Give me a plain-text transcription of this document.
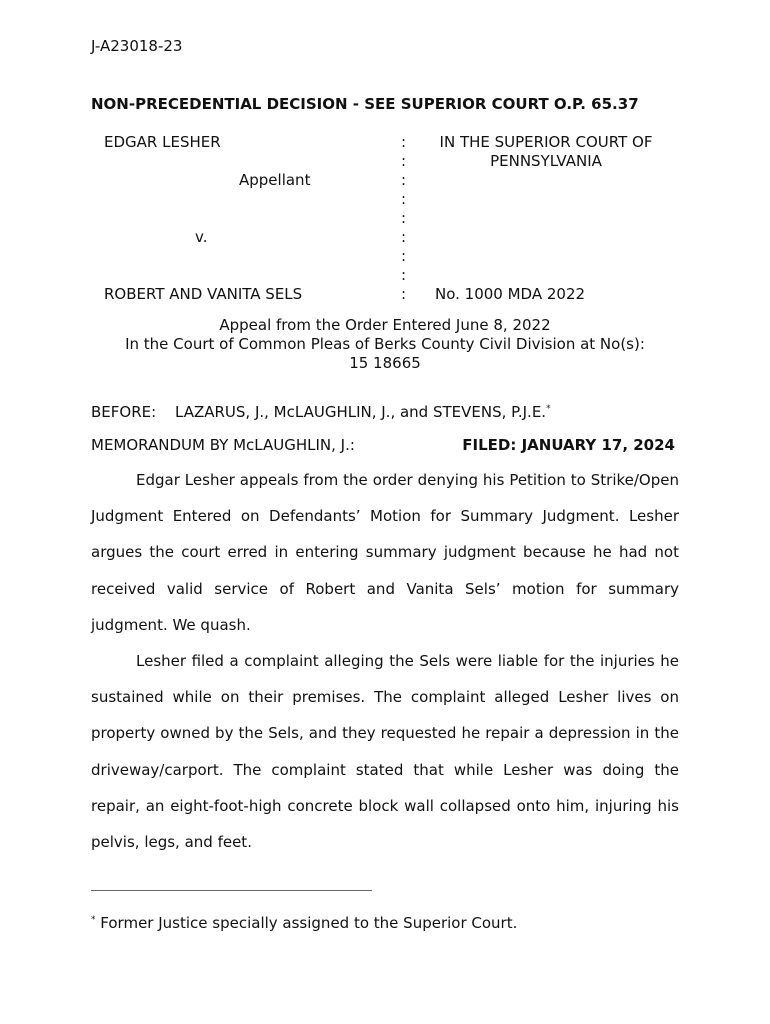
J-A23018-23
NON-PRECEDENTIAL DECISION - SEE SUPERIOR COURT O.P. 65.37
EDGAR LESHER
Appellant
v.
ROBERT AND VANITA SELS
:
:
:
:
:
:
:
:
:
IN THE SUPERIOR COURT OF
PENNSYLVANIA
No. 1000 MDA 2022
Appeal from the Order Entered June 8, 2022
In the Court of Common Pleas of Berks County Civil Division at No(s):
15 18665
BEFORE: LAZARUS, J., McLAUGHLIN, J., and STEVENS, P.J.E.*
MEMORANDUM BY McLAUGHLIN, J.:	FILED: JANUARY 17, 2024

Edgar Lesher appeals from the order denying his Petition to Strike/Open Judgment Entered on Defendants’ Motion for Summary Judgment. Lesher argues the court erred in entering summary judgment because he had not received valid service of Robert and Vanita Sels’ motion for summary judgment. We quash.

Lesher filed a complaint alleging the Sels were liable for the injuries he sustained while on their premises. The complaint alleged Lesher lives on property owned by the Sels, and they requested he repair a depression in the driveway/carport. The complaint stated that while Lesher was doing the repair, an eight-foot-high concrete block wall collapsed onto him, injuring his pelvis, legs, and feet.

* Former Justice specially assigned to the Superior Court.
